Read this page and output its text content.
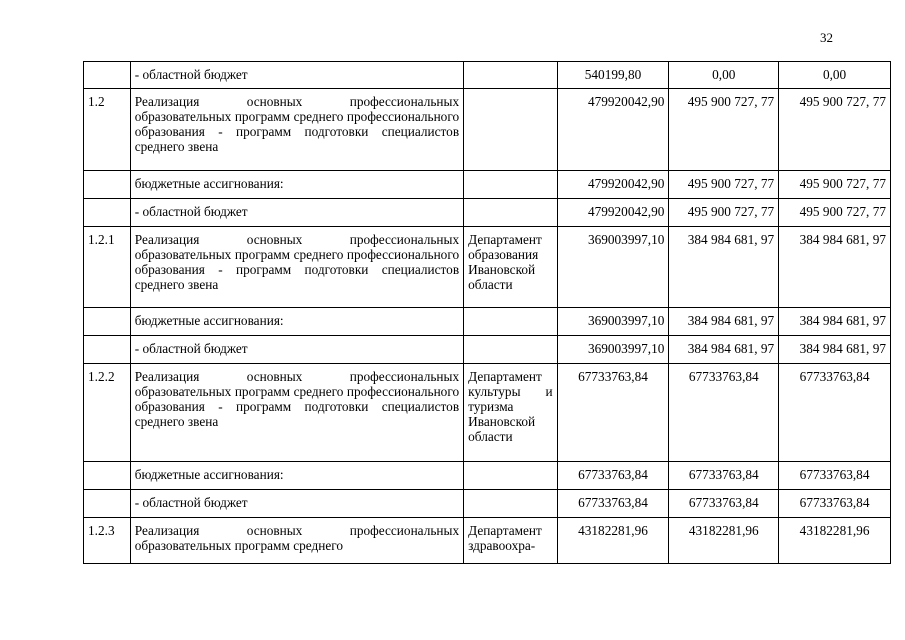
32
	- областной бюджет		540199,80	0,00	0,00
1.2	Реализация основных профессиональных образовательных программ среднего профессионального образования - программ подготовки специалистов среднего звена		479920042,90	495 900 727, 77	495 900 727, 77
	бюджетные ассигнования:		479920042,90	495 900 727, 77	495 900 727, 77
	- областной бюджет		479920042,90	495 900 727, 77	495 900 727, 77
1.2.1	Реализация основных профессиональных образовательных программ среднего профессионального образования - программ подготовки специалистов среднего звена	Департамент образования Ивановской области	369003997,10	384 984 681, 97	384 984 681, 97
	бюджетные ассигнования:		369003997,10	384 984 681, 97	384 984 681, 97
	- областной бюджет		369003997,10	384 984 681, 97	384 984 681, 97
1.2.2	Реализация основных профессиональных образовательных программ среднего профессионального образования - программ подготовки специалистов среднего звена	Департамент культуры и туризма Ивановской области	67733763,84	67733763,84	67733763,84
	бюджетные ассигнования:		67733763,84	67733763,84	67733763,84
	- областной бюджет		67733763,84	67733763,84	67733763,84
1.2.3	Реализация основных профессиональных образовательных программ среднего	Департамент здравоохра-	43182281,96	43182281,96	43182281,96
